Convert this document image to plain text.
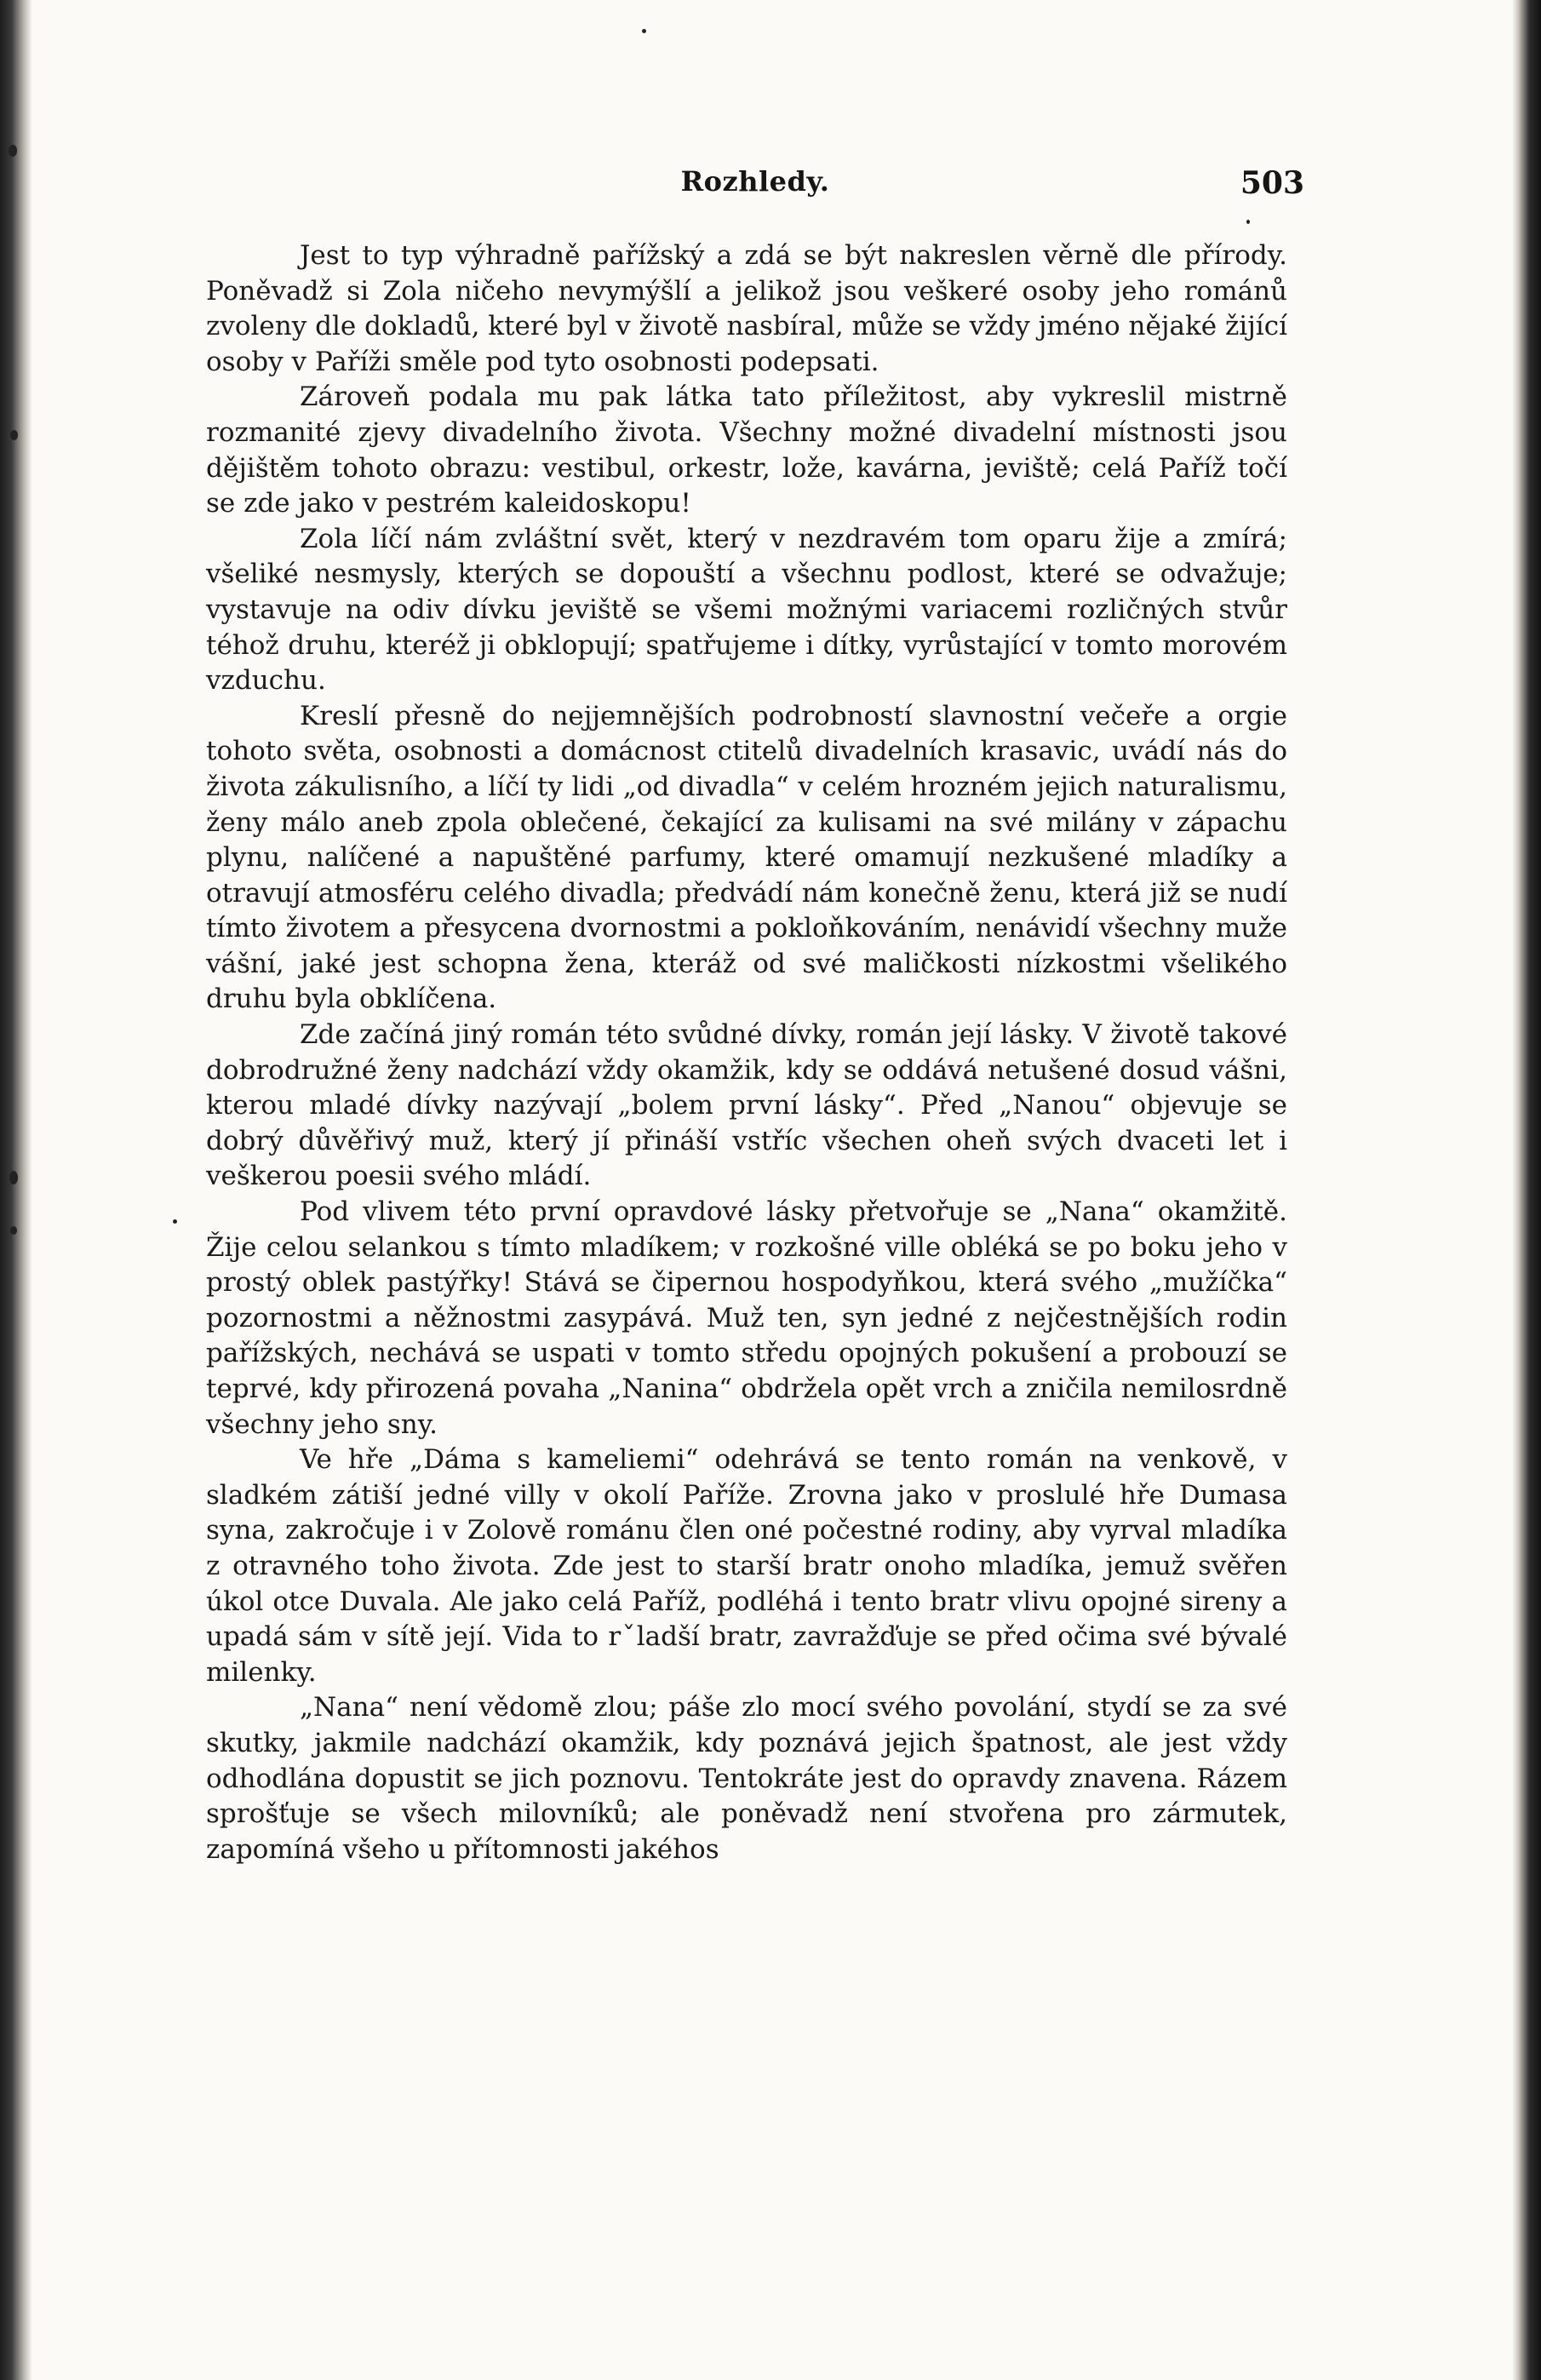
Rozhledy.	503

Jest to typ výhradně pařížský a zdá se být nakreslen věrně dle přírody. Poněvadž si Zola ničeho nevymýšlí a jelikož jsou veškeré osoby jeho románů zvoleny dle dokladů, které byl v životě nasbíral, může se vždy jméno nějaké žijící osoby v Paříži směle pod tyto osobnosti podepsati.

Zároveň podala mu pak látka tato příležitost, aby vykreslil mistrně rozmanité zjevy divadelního života. Všechny možné divadelní místnosti jsou dějištěm tohoto obrazu: vestibul, orkestr, lože, kavárna, jeviště; celá Paříž točí se zde jako v pestrém kaleidoskopu!

Zola líčí nám zvláštní svět, který v nezdravém tom oparu žije a zmírá; všeliké nesmysly, kterých se dopouští a všechnu podlost, které se odvažuje; vystavuje na odiv dívku jeviště se všemi možnými variacemi rozličných stvůr téhož druhu, kteréž ji obklopují; spatřujeme i dítky, vyrůstající v tomto morovém vzduchu.

Kreslí přesně do nejjemnějších podrobností slavnostní večeře a orgie tohoto světa, osobnosti a domácnost ctitelů divadelních krasavic, uvádí nás do života zákulisního, a líčí ty lidi „od divadla“ v celém hrozném jejich naturalismu, ženy málo aneb zpola oblečené, čekající za kulisami na své milány v zápachu plynu, nalíčené a napuštěné parfumy, které omamují nezkušené mladíky a otravují atmosféru celého divadla; předvádí nám konečně ženu, která již se nudí tímto životem a přesycena dvornostmi a pokloňkováním, nenávidí všechny muže vášní, jaké jest schopna žena, kteráž od své maličkosti nízkostmi všelikého druhu byla obklíčena.

Zde začíná jiný román této svůdné dívky, román její lásky. V životě takové dobrodružné ženy nadchází vždy okamžik, kdy se oddává netušené dosud vášni, kterou mladé dívky nazývají „bolem první lásky“. Před „Nanou“ objevuje se dobrý důvěřivý muž, který jí přináší vstříc všechen oheň svých dvaceti let i veškerou poesii svého mládí.

Pod vlivem této první opravdové lásky přetvořuje se „Nana“ okamžitě. Žije celou selankou s tímto mladíkem; v rozkošné ville obléká se po boku jeho v prostý oblek pastýřky! Stává se čipernou hospodyňkou, která svého „mužíčka“ pozornostmi a něžnostmi zasypává. Muž ten, syn jedné z nejčestnějších rodin pařížských, nechává se uspati v tomto středu opojných pokušení a probouzí se teprvé, kdy přirozená povaha „Nanina“ obdržela opět vrch a zničila nemilosrdně všechny jeho sny.

Ve hře „Dáma s kameliemi“ odehrává se tento román na venkově, v sladkém zátiší jedné villy v okolí Paříže. Zrovna jako v proslulé hře Dumasa syna, zakročuje i v Zolově románu člen oné počestné rodiny, aby vyrval mladíka z otravného toho života. Zde jest to starší bratr onoho mladíka, jemuž svěřen úkol otce Duvala. Ale jako celá Paříž, podléhá i tento bratr vlivu opojné sireny a upadá sám v sítě její. Vida to rˇladší bratr, zavražďuje se před očima své bývalé milenky.

„Nana“ není vědomě zlou; páše zlo mocí svého povolání, stydí se za své skutky, jakmile nadchází okamžik, kdy poznává jejich špatnost, ale jest vždy odhodlána dopustit se jich poznovu. Tentokráte jest do opravdy znavena. Rázem sprošťuje se všech milovníků; ale poněvadž není stvořena pro zármutek, zapomíná všeho u přítomnosti jakéhos
